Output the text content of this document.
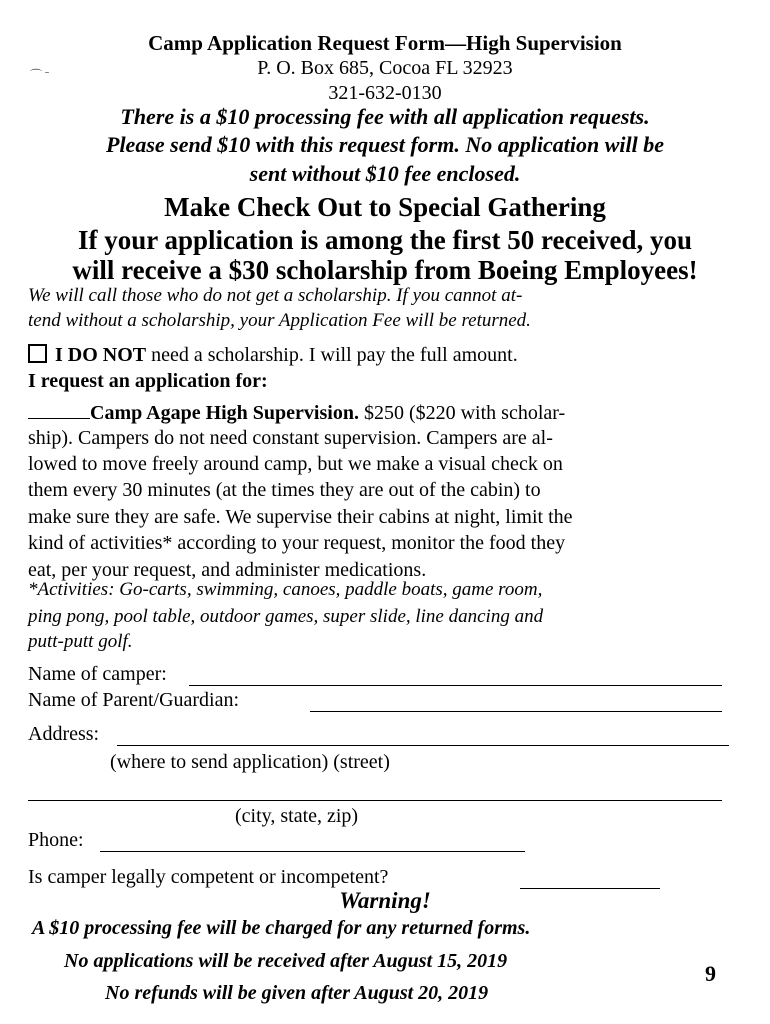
Camp Application Request Form—High Supervision
P. O. Box 685, Cocoa FL 32923
⌒ ˉ
321-632-0130
There is a $10 processing fee with all application requests.
Please send $10 with this request form. No application will be
sent without $10 fee enclosed.
Make Check Out to Special Gathering
If your application is among the first 50 received, you
will receive a $30 scholarship from Boeing Employees!
We will call those who do not get a scholarship. If you cannot at-
tend without a scholarship, your Application Fee will be returned.
I DO NOT need a scholarship. I will pay the full amount.
I request an application for:
Camp Agape High Supervision. $250 ($220 with scholar-
ship). Campers do not need constant supervision. Campers are al-
lowed to move freely around camp, but we make a visual check on
them every 30 minutes (at the times they are out of the cabin) to
make sure they are safe. We supervise their cabins at night, limit the
kind of activities* according to your request, monitor the food they
eat, per your request, and administer medications.
*Activities: Go-carts, swimming, canoes, paddle boats, game room,
ping pong, pool table, outdoor games, super slide, line dancing and
putt-putt golf.
Name of camper:
Name of Parent/Guardian:
Address:
(where to send application) (street)
(city, state, zip)
Phone:
Is camper legally competent or incompetent?
Warning!
A $10 processing fee will be charged for any returned forms.
No applications will be received after August 15, 2019
No refunds will be given after August 20, 2019
9
